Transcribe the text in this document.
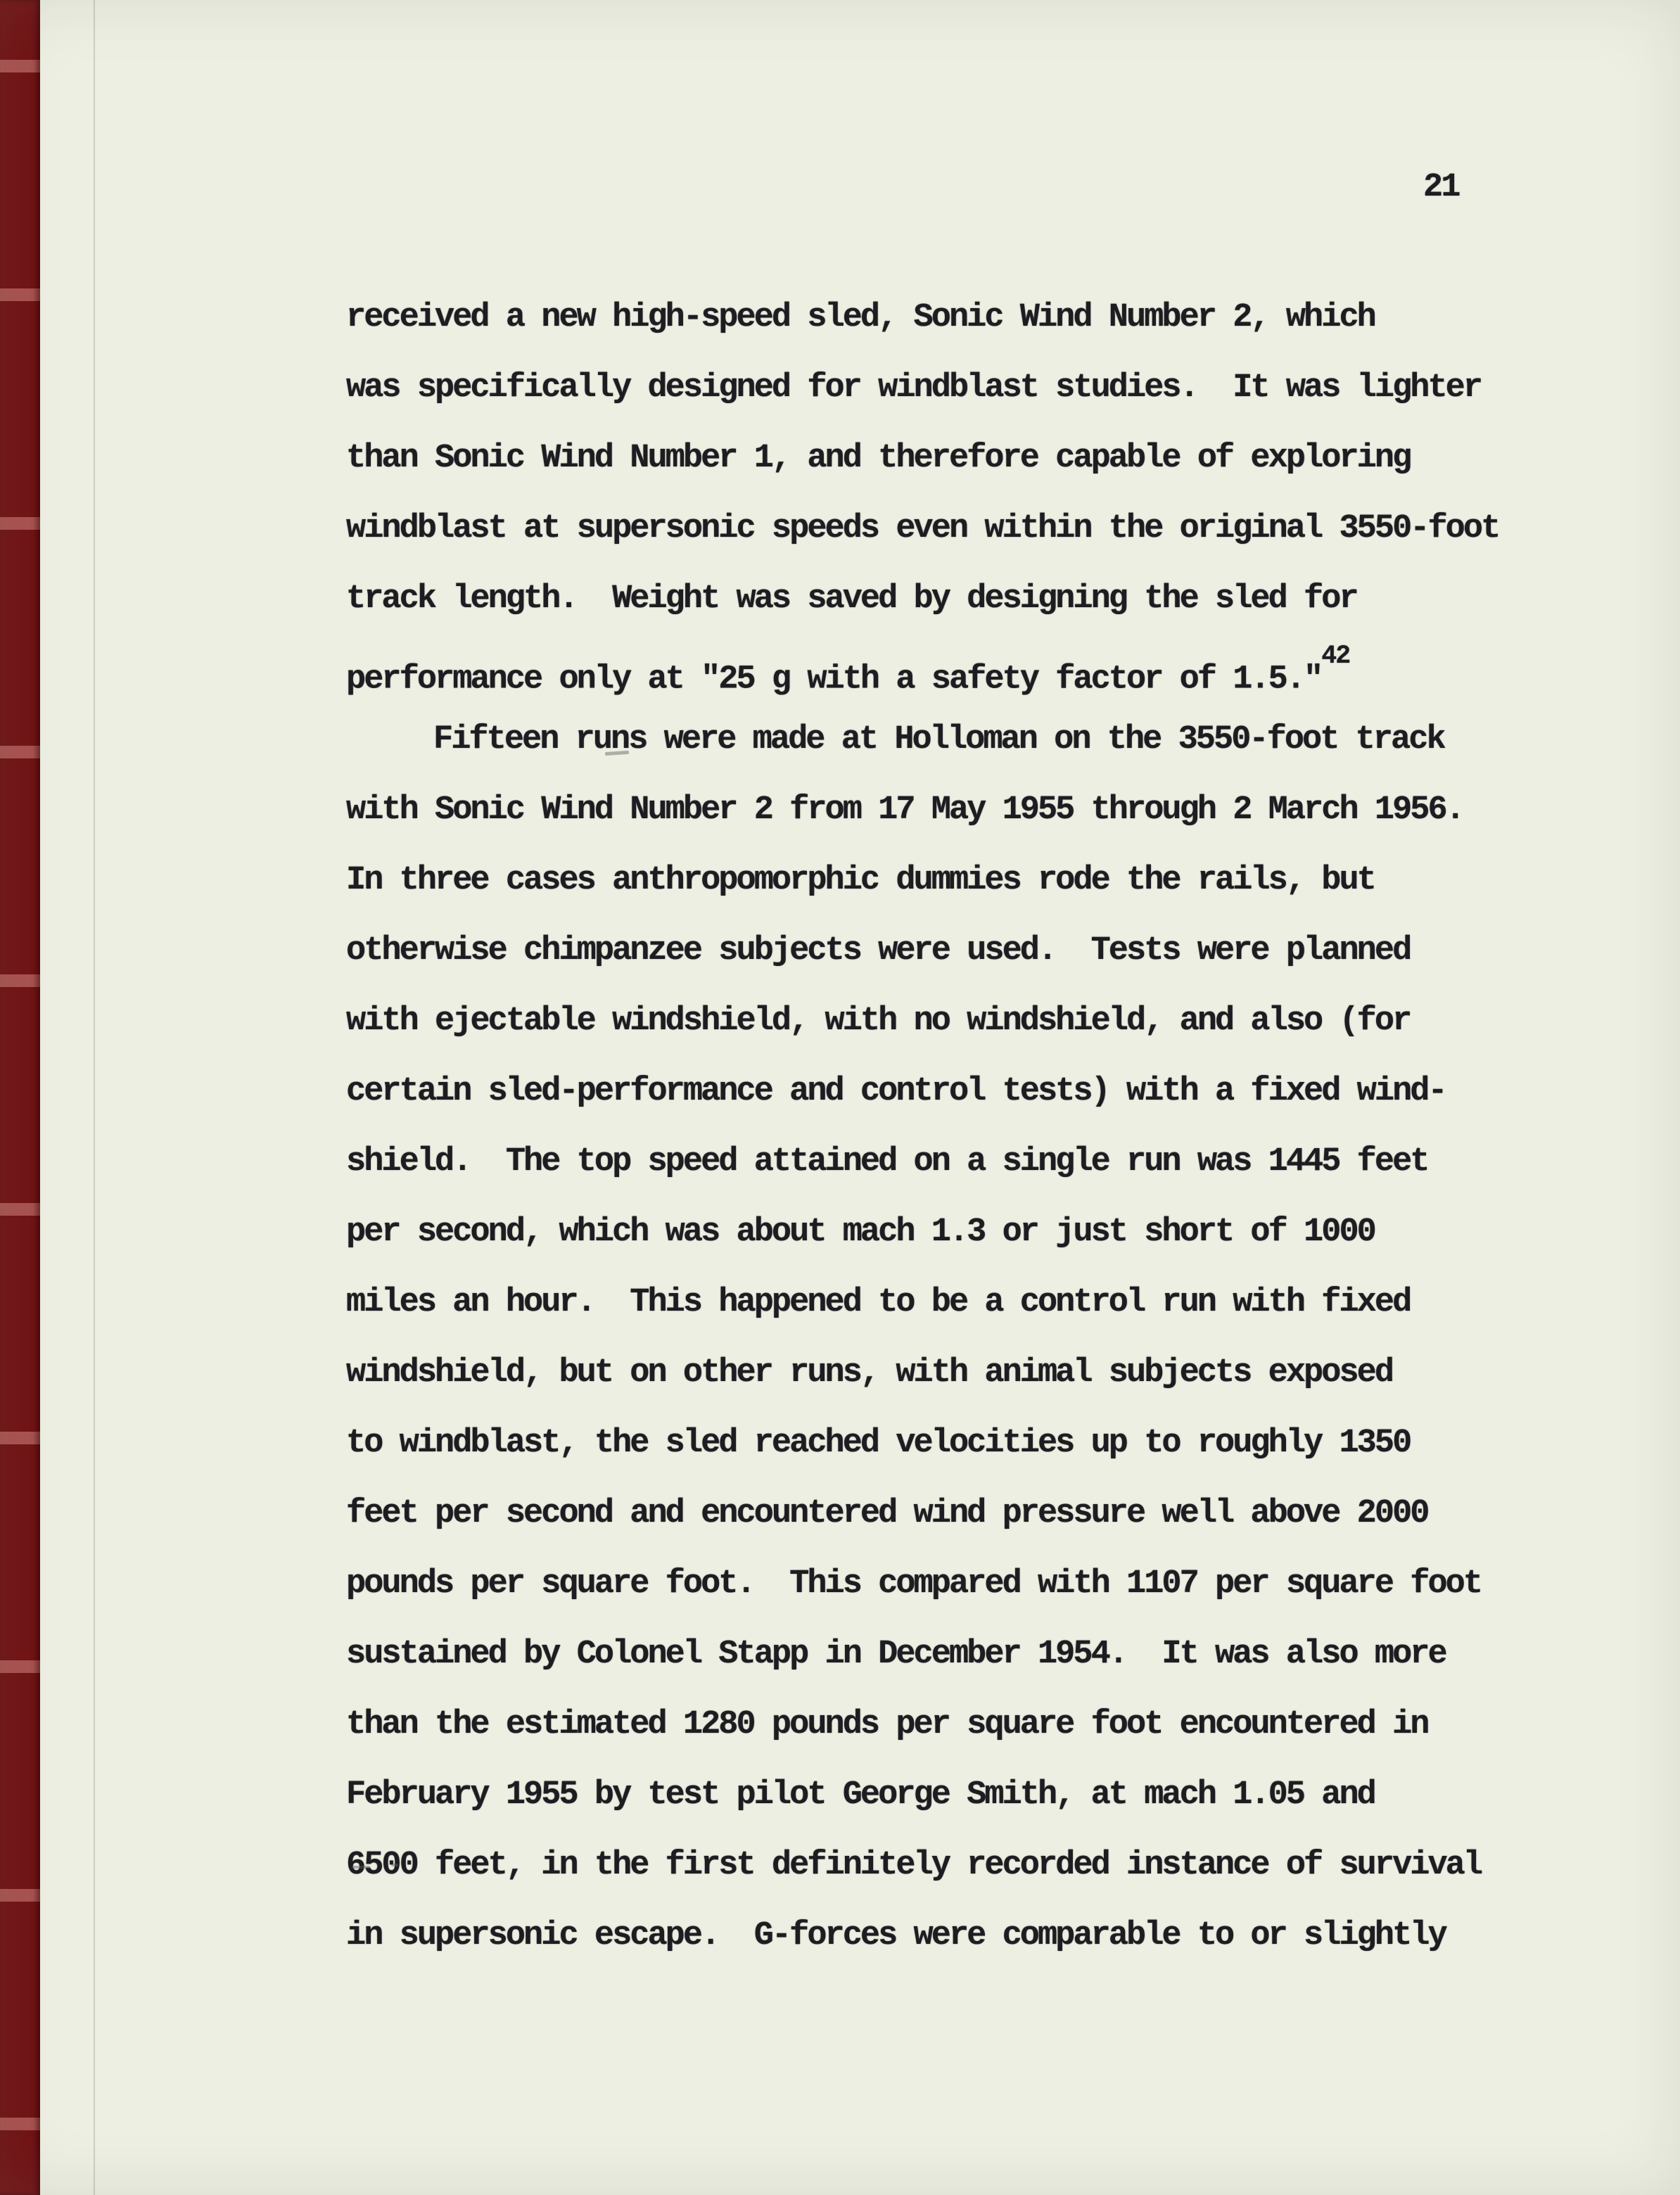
21
received a new high-speed sled, Sonic Wind Number 2, which
was specifically designed for windblast studies.  It was lighter
than Sonic Wind Number 1, and therefore capable of exploring
windblast at supersonic speeds even within the original 3550-foot
track length.  Weight was saved by designing the sled for
performance only at "25 g with a safety factor of 1.5."$^{42}$
Fifteen runs were made at Holloman on the 3550-foot track
with Sonic Wind Number 2 from 17 May 1955 through 2 March 1956.
In three cases anthropomorphic dummies rode the rails, but
otherwise chimpanzee subjects were used.  Tests were planned
with ejectable windshield, with no windshield, and also (for
certain sled-performance and control tests) with a fixed wind-
shield.  The top speed attained on a single run was 1445 feet
per second, which was about mach 1.3 or just short of 1000
miles an hour.  This happened to be a control run with fixed
windshield, but on other runs, with animal subjects exposed
to windblast, the sled reached velocities up to roughly 1350
feet per second and encountered wind pressure well above 2000
pounds per square foot.  This compared with 1107 per square foot
sustained by Colonel Stapp in December 1954.  It was also more
than the estimated 1280 pounds per square foot encountered in
February 1955 by test pilot George Smith, at mach 1.05 and
6500 feet, in the first definitely recorded instance of survival
in supersonic escape.  G-forces were comparable to or slightly
